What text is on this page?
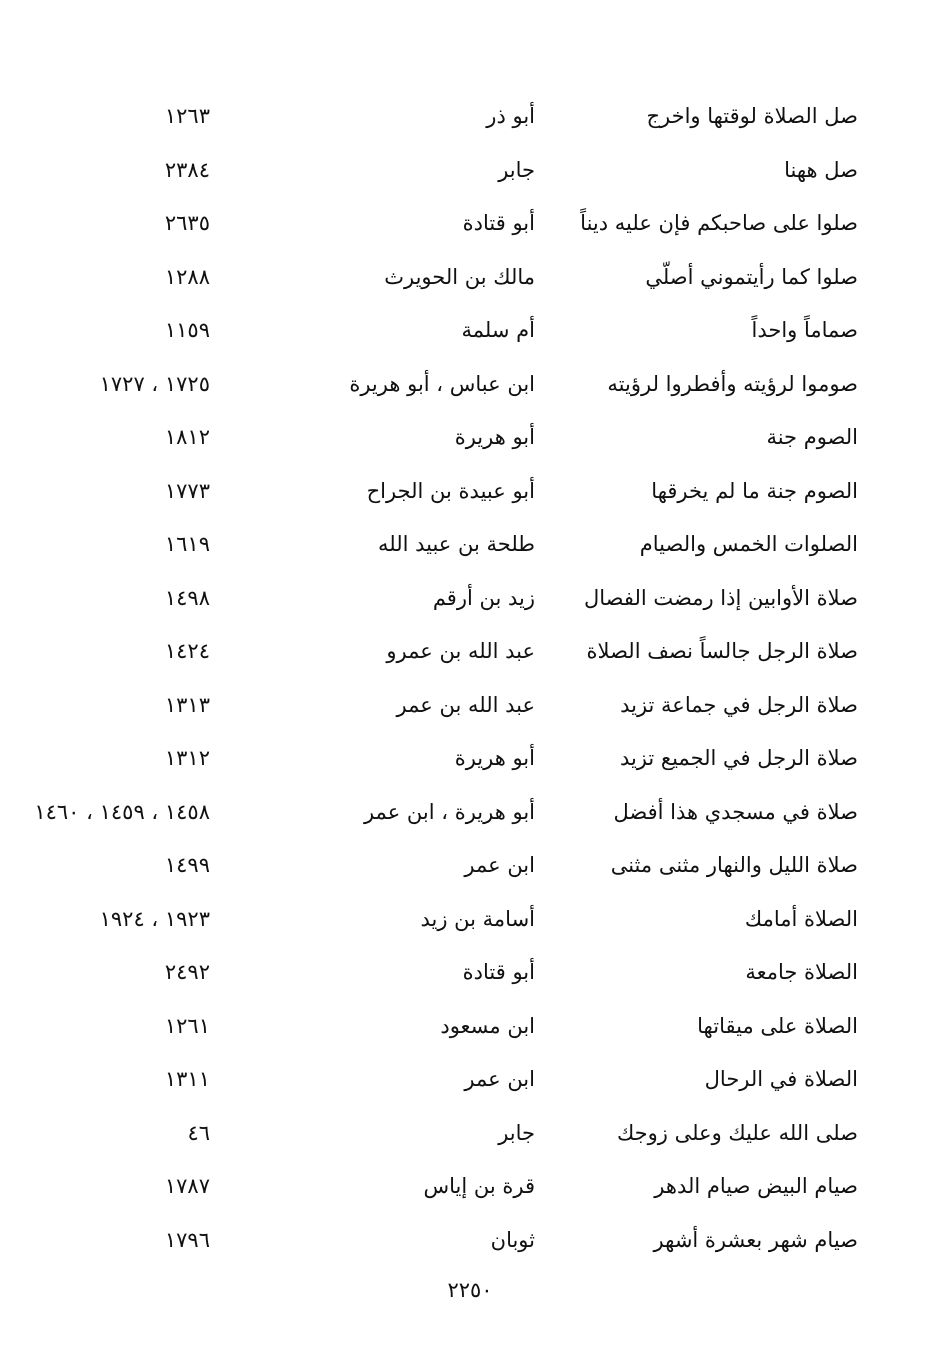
صل الصلاة لوقتها واخرج
أبو ذر
١٢٦٣
صل ههنا
جابر
٢٣٨٤
صلوا على صاحبكم فإن عليه ديناً
أبو قتادة
٢٦٣٥
صلوا كما رأيتموني أصلّي
مالك بن الحويرث
١٢٨٨
صماماً واحداً
أم سلمة
١١٥٩
صوموا لرؤيته وأفطروا لرؤيته
ابن عباس ، أبو هريرة
١٧٢٥ ، ١٧٢٧
الصوم جنة
أبو هريرة
١٨١٢
الصوم جنة ما لم يخرقها
أبو عبيدة بن الجراح
١٧٧٣
الصلوات الخمس والصيام
طلحة بن عبيد الله
١٦١٩
صلاة الأوابين إذا رمضت الفصال
زيد بن أرقم
١٤٩٨
صلاة الرجل جالساً نصف الصلاة
عبد الله بن عمرو
١٤٢٤
صلاة الرجل في جماعة تزيد
عبد الله بن عمر
١٣١٣
صلاة الرجل في الجميع تزيد
أبو هريرة
١٣١٢
صلاة في مسجدي هذا أفضل
أبو هريرة ، ابن عمر
١٤٥٨ ، ١٤٥٩ ، ١٤٦٠
صلاة الليل والنهار مثنى مثنى
ابن عمر
١٤٩٩
الصلاة أمامك
أسامة بن زيد
١٩٢٣ ، ١٩٢٤
الصلاة جامعة
أبو قتادة
٢٤٩٢
الصلاة على ميقاتها
ابن مسعود
١٢٦١
الصلاة في الرحال
ابن عمر
١٣١١
صلى الله عليك وعلى زوجك
جابر
٤٦
صيام البيض صيام الدهر
قرة بن إياس
١٧٨٧
صيام شهر بعشرة أشهر
ثوبان
١٧٩٦
٢٢٥٠
